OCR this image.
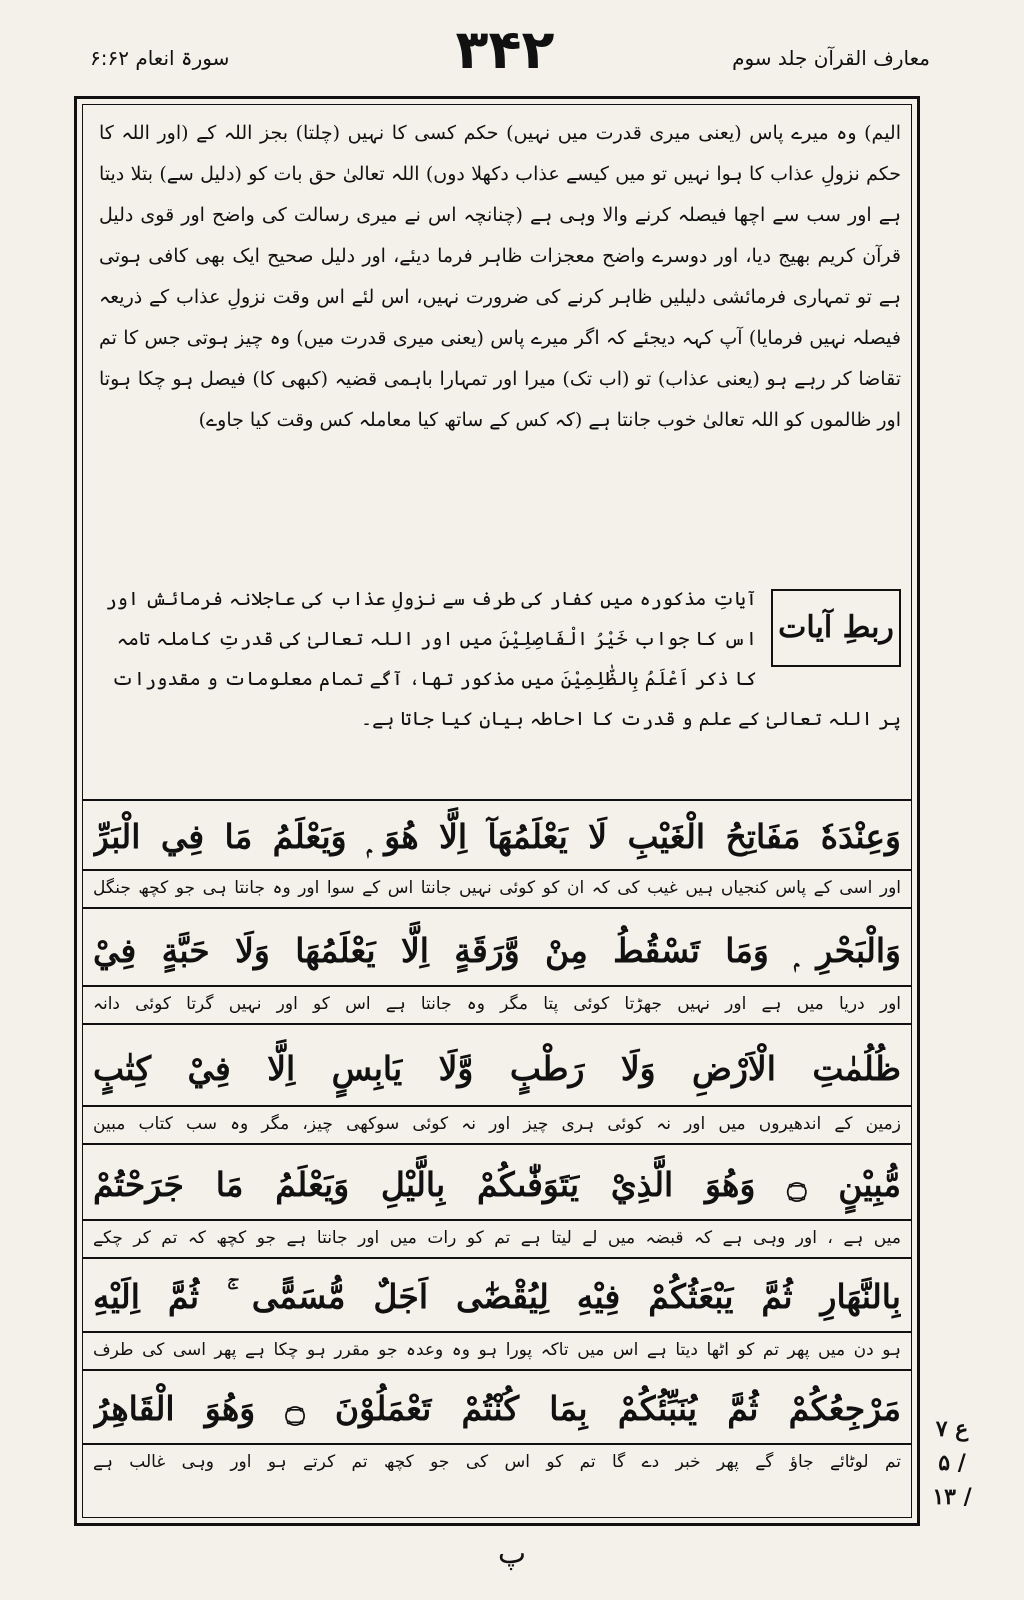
سورۃ انعام ۶:۶۲	۳۴۲	معارف القرآن جلد سوم

الیم) وہ میرے پاس (یعنی میری قدرت میں نہیں) حکم کسی کا نہیں (چلتا) بجز اللہ کے (اور اللہ کا حکم نزولِ عذاب کا ہوا نہیں تو میں کیسے عذاب دکھلا دوں) اللہ تعالیٰ حق بات کو (دلیل سے) بتلا دیتا ہے اور سب سے اچھا فیصلہ کرنے والا وہی ہے (چنانچہ اس نے میری رسالت کی واضح اور قوی دلیل قرآن کریم بھیج دیا، اور دوسرے واضح معجزات ظاہر فرما دیئے، اور دلیل صحیح ایک بھی کافی ہوتی ہے تو تمہاری فرمائشی دلیلیں ظاہر کرنے کی ضرورت نہیں، اس لئے اس وقت نزولِ عذاب کے ذریعہ فیصلہ نہیں فرمایا) آپ کہہ دیجئے کہ اگر میرے پاس (یعنی میری قدرت میں) وہ چیز ہوتی جس کا تم تقاضا کر رہے ہو (یعنی عذاب) تو (اب تک) میرا اور تمہارا باہمی قضیہ (کبھی کا) فیصل ہو چکا ہوتا اور ظالموں کو اللہ تعالیٰ خوب جانتا ہے (کہ کس کے ساتھ کیا معاملہ کس وقت کیا جاوے)

ربطِ آیات
آیاتِ مذکورہ میں کفار کی طرف سے نزولِ عذاب کی عاجلانہ فرمائش اور اس کا جواب خَيْرُ الْفَاصِلِيْنَ میں اور اللہ تعالیٰ کی قدرتِ کاملہ تامہ کا ذکر اَعْلَمُ بِالظّٰلِمِيْنَ میں مذکور تھا، آگے تمام معلومات و مقدورات پر اللہ تعالیٰ کے علم و قدرت کا احاطہ بیان کیا جاتا ہے۔
وَعِنْدَهٗ مَفَاتِحُ الْغَيْبِ لَا يَعْلَمُهَآ اِلَّا هُوَ ۭ وَيَعْلَمُ مَا فِي الْبَرِّ
اور اسی کے پاس کنجیاں ہیں غیب کی کہ ان کو کوئی نہیں جانتا اس کے سوا اور وہ جانتا ہی جو کچھ جنگل
وَالْبَحْرِ ۭ وَمَا تَسْقُطُ مِنْ وَّرَقَةٍ اِلَّا يَعْلَمُهَا وَلَا حَبَّةٍ فِيْ
اور دریا میں ہے اور نہیں جھڑتا کوئی پتا مگر وہ جانتا ہے اس کو اور نہیں گرتا کوئی دانہ
ظُلُمٰتِ الْاَرْضِ وَلَا رَطْبٍ وَّلَا يَابِسٍ اِلَّا فِيْ كِتٰبٍ
زمین کے اندھیروں میں اور نہ کوئی ہری چیز اور نہ کوئی سوکھی چیز، مگر وہ سب کتاب مبین
مُّبِيْنٍ ۝ وَهُوَ الَّذِيْ يَتَوَفّٰىكُمْ بِالَّيْلِ وَيَعْلَمُ مَا جَرَحْتُمْ
میں ہے ، اور وہی ہے کہ قبضہ میں لے لیتا ہے تم کو رات میں اور جانتا ہے جو کچھ کہ تم کر چکے
بِالنَّهَارِ ثُمَّ يَبْعَثُكُمْ فِيْهِ لِيُقْضٰٓى اَجَلٌ مُّسَمًّى ۚ ثُمَّ اِلَيْهِ
ہو دن میں پھر تم کو اٹھا دیتا ہے اس میں تاکہ پورا ہو وہ وعدہ جو مقرر ہو چکا ہے پھر اسی کی طرف
مَرْجِعُكُمْ ثُمَّ يُنَبِّئُكُمْ بِمَا كُنْتُمْ تَعْمَلُوْنَ ۝ وَهُوَ الْقَاهِرُ
تم لوٹائے جاؤ گے پھر خبر دے گا تم کو اس کی جو کچھ تم کرتے ہو اور وہی غالب ہے
ع ۷ / ۵ / ۱۳
پ
